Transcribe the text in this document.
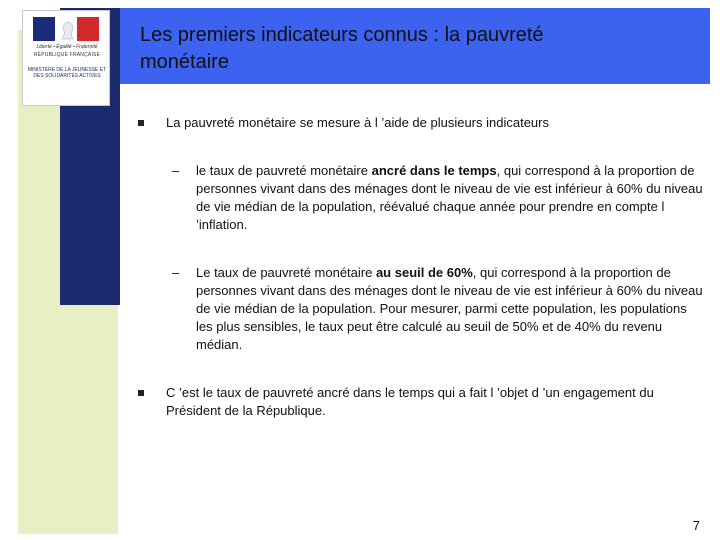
Liberté • Égalité • Fraternité
RÉPUBLIQUE FRANÇAISE
MINISTÈRE DE LA JEUNESSE ET DES SOLIDARITÉS ACTIVES
Les premiers indicateurs connus : la pauvreté
monétaire
La pauvreté monétaire se mesure à l ’aide de plusieurs indicateurs
– le taux de pauvreté monétaire ancré dans le temps, qui correspond à la proportion de personnes vivant dans des ménages dont le niveau de vie est inférieur à 60% du niveau de vie médian de la population, réévalué chaque année pour prendre en compte l ’inflation.
– Le taux de pauvreté monétaire au seuil de 60%, qui correspond à la proportion de personnes vivant dans des ménages dont le niveau de vie est inférieur à 60% du niveau de vie médian de la population. Pour mesurer, parmi cette population, les populations les plus sensibles, le taux peut être calculé au seuil de 50% et de 40% du revenu médian.
C ’est le taux de pauvreté ancré dans le temps qui a fait l ’objet d ’un engagement du Président de la République.
7
